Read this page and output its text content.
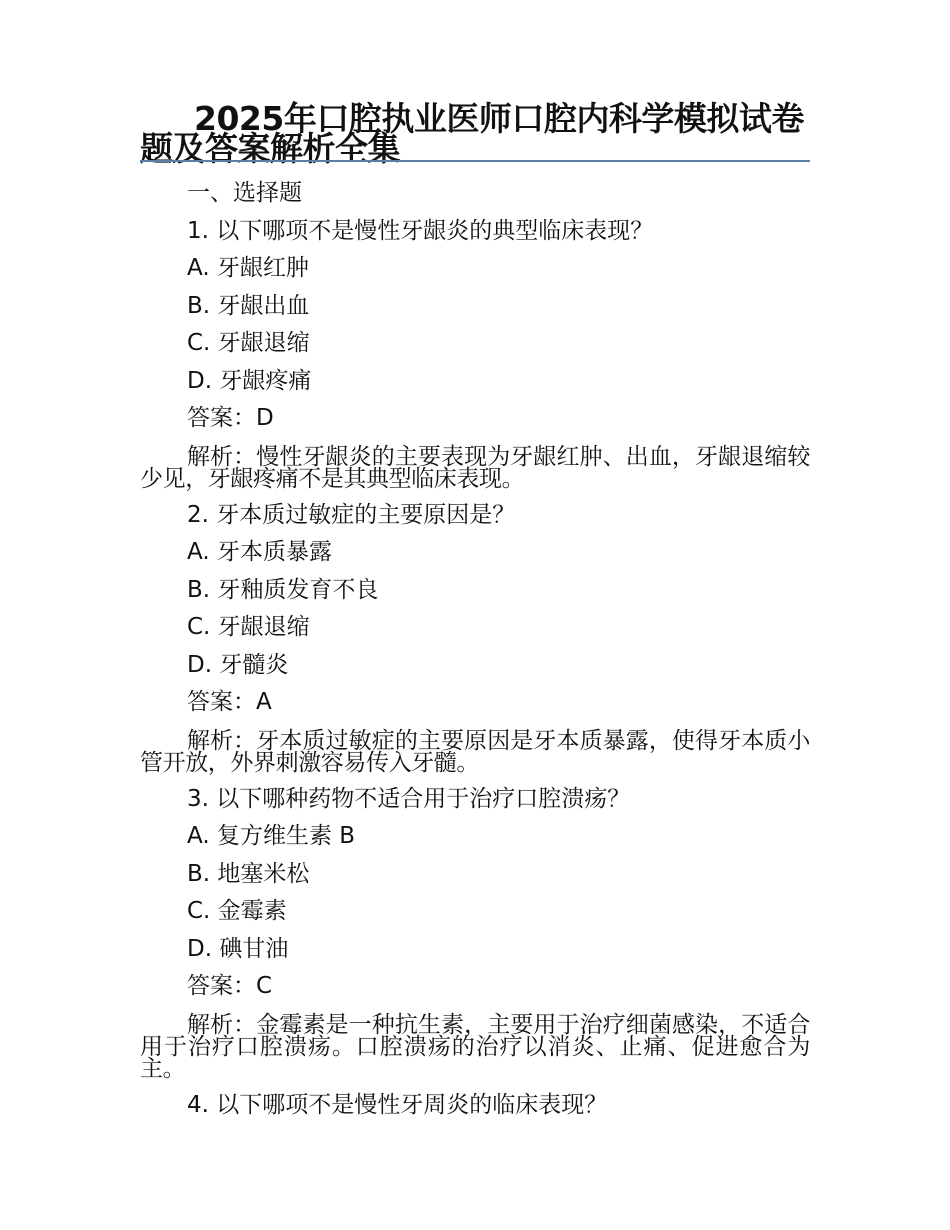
2025年口腔执业医师口腔内科学模拟试卷题及答案解析全集

一、选择题

1. 以下哪项不是慢性牙龈炎的典型临床表现？

A. 牙龈红肿

B. 牙龈出血

C. 牙龈退缩

D. 牙龈疼痛

答案：D

解析：慢性牙龈炎的主要表现为牙龈红肿、出血，牙龈退缩较少见，牙龈疼痛不是其典型临床表现。

2. 牙本质过敏症的主要原因是？

A. 牙本质暴露

B. 牙釉质发育不良

C. 牙龈退缩

D. 牙髓炎

答案：A

解析：牙本质过敏症的主要原因是牙本质暴露，使得牙本质小管开放，外界刺激容易传入牙髓。

3. 以下哪种药物不适合用于治疗口腔溃疡？

A. 复方维生素 B

B. 地塞米松

C. 金霉素

D. 碘甘油

答案：C

解析：金霉素是一种抗生素，主要用于治疗细菌感染，不适合用于治疗口腔溃疡。口腔溃疡的治疗以消炎、止痛、促进愈合为主。

4. 以下哪项不是慢性牙周炎的临床表现？
